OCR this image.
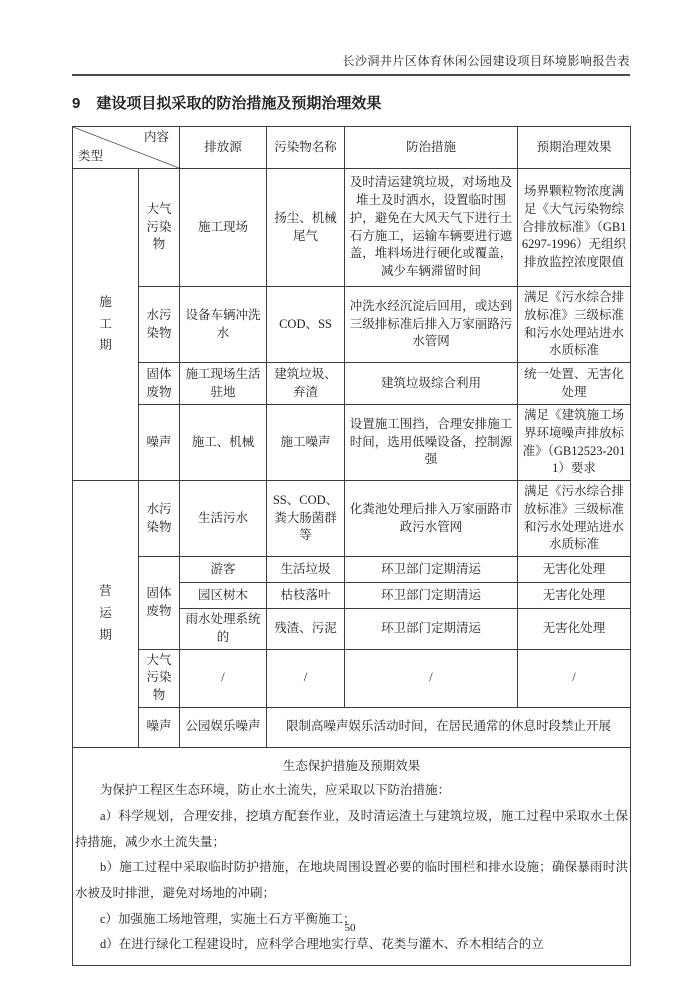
长沙洞井片区体育休闲公园建设项目环境影响报告表
9 建设项目拟采取的防治措施及预期治理效果
内容
类型		排放源	污染物名称	防治措施	预期治理效果
施工期	大气污染物	施工现场	扬尘、机械尾气	及时清运建筑垃圾，对场地及堆土及时洒水，设置临时围护，避免在大风天气下进行土石方施工，运输车辆要进行遮盖，堆料场进行硬化或覆盖，减少车辆滞留时间	场界颗粒物浓度满足《大气污染物综合排放标准》（GB16297-1996）无组织排放监控浓度限值
	水污染物	设备车辆冲洗水	COD、SS	冲洗水经沉淀后回用，或达到三级排标准后排入万家丽路污水管网	满足《污水综合排放标准》三级标准和污水处理站进水水质标准
	固体废物	施工现场生活驻地	建筑垃圾、弃渣	建筑垃圾综合利用	统一处置、无害化处理
	噪声	施工、机械	施工噪声	设置施工围挡，合理安排施工时间，选用低噪设备，控制源强	满足《建筑施工场界环境噪声排放标准》（GB12523-2011）要求
营运期	水污染物	生活污水	SS、COD、粪大肠菌群等	化粪池处理后排入万家丽路市政污水管网	满足《污水综合排放标准》三级标准和污水处理站进水水质标准
	固体废物	游客	生活垃圾	环卫部门定期清运	无害化处理
		园区树木	枯枝落叶	环卫部门定期清运	无害化处理
		雨水处理系统的	残渣、污泥	环卫部门定期清运	无害化处理
	大气污染物	/	/	/	/
	噪声	公园娱乐噪声	限制高噪声娱乐活动时间，在居民通常的休息时段禁止开展		

生态保护措施及预期效果

为保护工程区生态环境，防止水土流失，应采取以下防治措施：

a）科学规划，合理安排，挖填方配套作业，及时清运渣土与建筑垃圾，施工过程中采取水土保持措施，减少水土流失量；

b）施工过程中采取临时防护措施，在地块周围设置必要的临时围栏和排水设施；确保暴雨时洪水被及时排泄，避免对场地的冲刷；

c）加强施工场地管理，实施土石方平衡施工；

d）在进行绿化工程建设时，应科学合理地实行草、花类与灌木、乔木相结合的立

50
